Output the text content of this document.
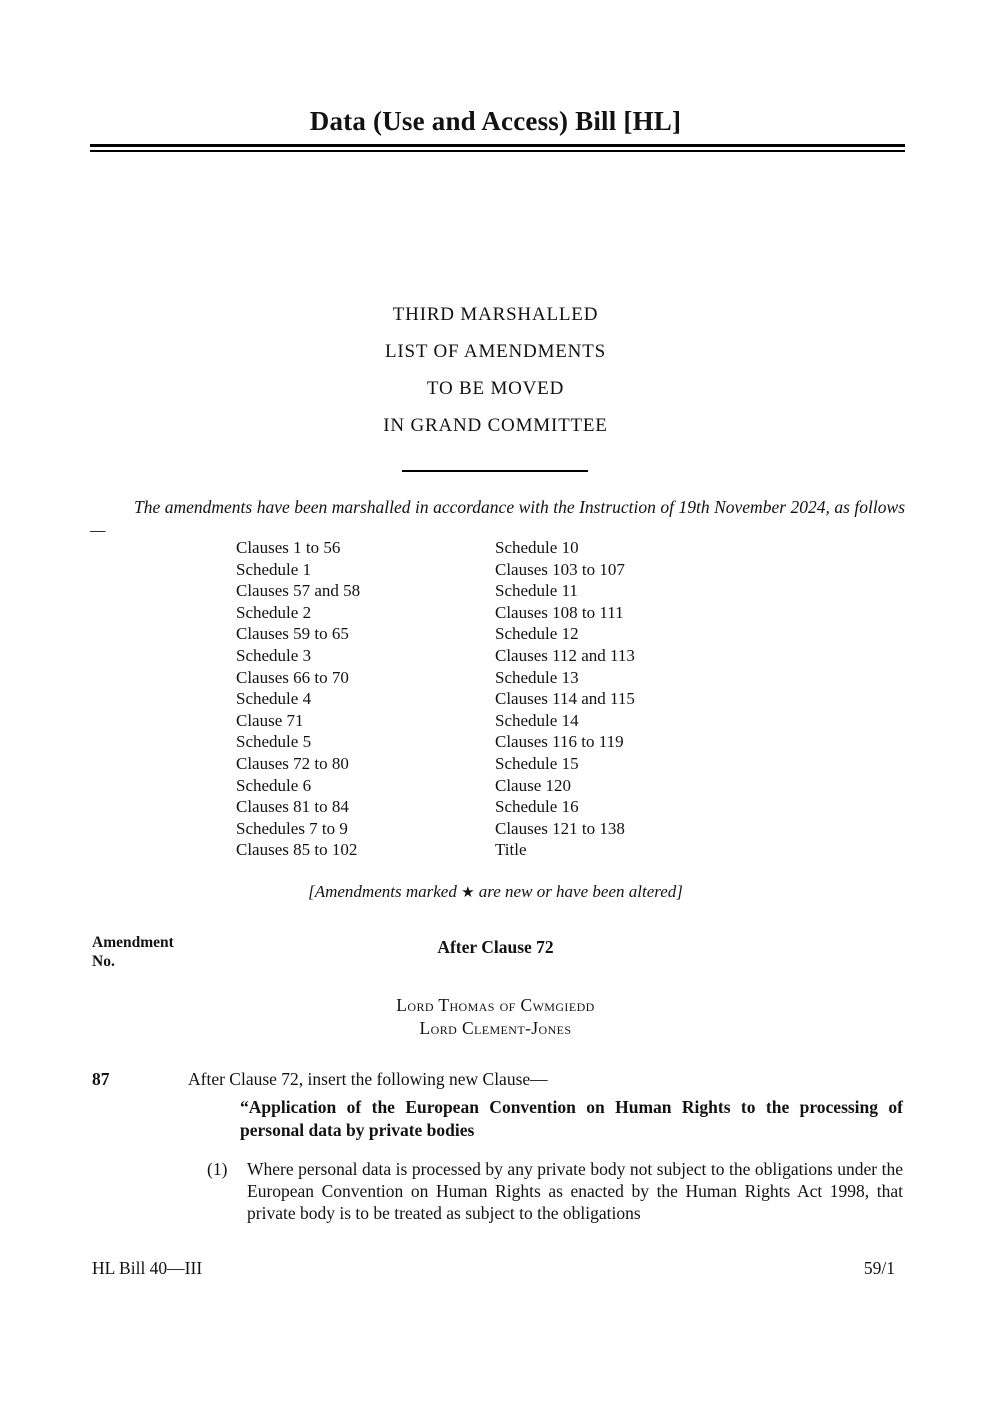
Data (Use and Access) Bill [HL]
THIRD MARSHALLED
LIST OF AMENDMENTS
TO BE MOVED
IN GRAND COMMITTEE
The amendments have been marshalled in accordance with the Instruction of 19th November 2024, as follows—
Clauses 1 to 56
Schedule 1
Clauses 57 and 58
Schedule 2
Clauses 59 to 65
Schedule 3
Clauses 66 to 70
Schedule 4
Clause 71
Schedule 5
Clauses 72 to 80
Schedule 6
Clauses 81 to 84
Schedules 7 to 9
Clauses 85 to 102
Schedule 10
Clauses 103 to 107
Schedule 11
Clauses 108 to 111
Schedule 12
Clauses 112 and 113
Schedule 13
Clauses 114 and 115
Schedule 14
Clauses 116 to 119
Schedule 15
Clause 120
Schedule 16
Clauses 121 to 138
Title
[Amendments marked ★ are new or have been altered]
Amendment
No.
After Clause 72
Lord Thomas of Cwmgiedd
Lord Clement-Jones
87	After Clause 72, insert the following new Clause—
“Application of the European Convention on Human Rights to the processing of personal data by private bodies
(1) Where personal data is processed by any private body not subject to the obligations under the European Convention on Human Rights as enacted by the Human Rights Act 1998, that private body is to be treated as subject to the obligations
HL Bill 40—III	59/1
